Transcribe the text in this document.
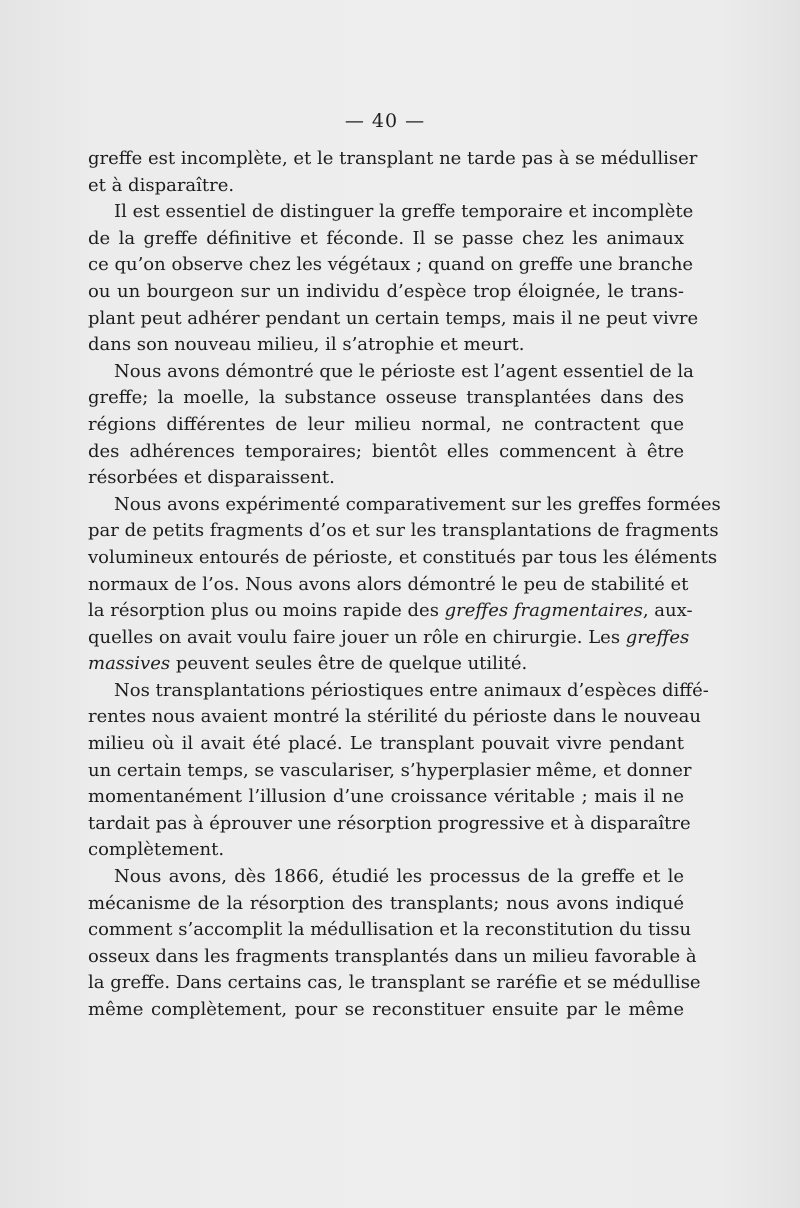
— 40 —
greffe est incomplète, et le transplant ne tarde pas à se médulliser
et à disparaître.
Il est essentiel de distinguer la greffe temporaire et incomplète
de la greffe définitive et féconde. Il se passe chez les animaux
ce qu’on observe chez les végétaux ; quand on greffe une branche
ou un bourgeon sur un individu d’espèce trop éloignée, le trans-
plant peut adhérer pendant un certain temps, mais il ne peut vivre
dans son nouveau milieu, il s’atrophie et meurt.
Nous avons démontré que le périoste est l’agent essentiel de la
greffe; la moelle, la substance osseuse transplantées dans des
régions différentes de leur milieu normal, ne contractent que
des adhérences temporaires; bientôt elles commencent à être
résorbées et disparaissent.
Nous avons expérimenté comparativement sur les greffes formées
par de petits fragments d’os et sur les transplantations de fragments
volumineux entourés de périoste, et constitués par tous les éléments
normaux de l’os. Nous avons alors démontré le peu de stabilité et
la résorption plus ou moins rapide des greffes fragmentaires, aux-
quelles on avait voulu faire jouer un rôle en chirurgie. Les greffes
massives peuvent seules être de quelque utilité.
Nos transplantations périostiques entre animaux d’espèces diffé-
rentes nous avaient montré la stérilité du périoste dans le nouveau
milieu où il avait été placé. Le transplant pouvait vivre pendant
un certain temps, se vasculariser, s’hyperplasier même, et donner
momentanément l’illusion d’une croissance véritable ; mais il ne
tardait pas à éprouver une résorption progressive et à disparaître
complètement.
Nous avons, dès 1866, étudié les processus de la greffe et le
mécanisme de la résorption des transplants; nous avons indiqué
comment s’accomplit la médullisation et la reconstitution du tissu
osseux dans les fragments transplantés dans un milieu favorable à
la greffe. Dans certains cas, le transplant se raréfie et se médullise
même complètement, pour se reconstituer ensuite par le même
